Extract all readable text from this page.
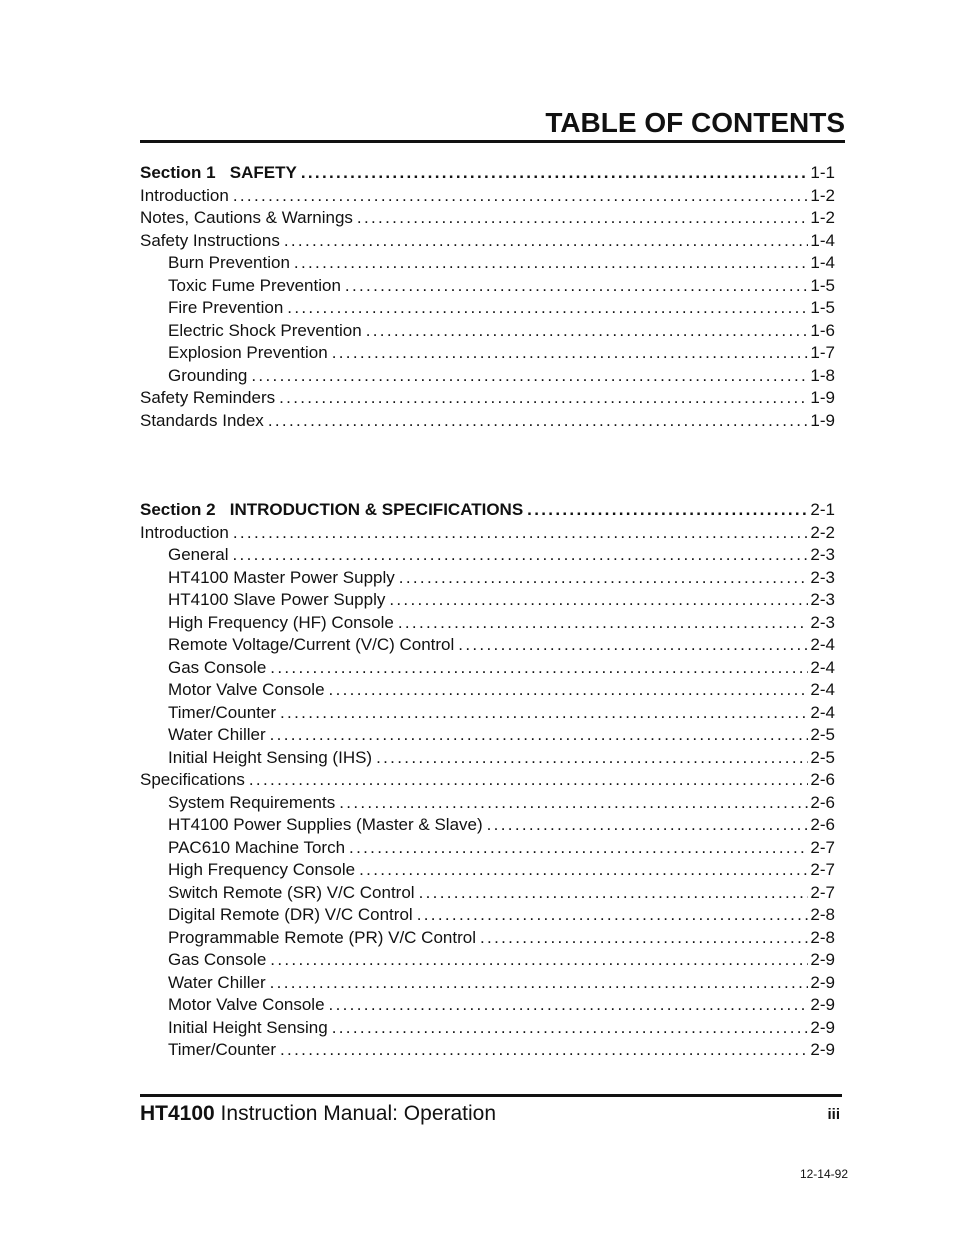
TABLE OF CONTENTS
Section 1   SAFETY . . .	1-1
Introduction . . .	1-2
Notes, Cautions & Warnings . . .	1-2
Safety Instructions . . .	1-4
Burn Prevention . . .	1-4
Toxic Fume Prevention . . .	1-5
Fire Prevention . . .	1-5
Electric Shock Prevention . . .	1-6
Explosion Prevention . . .	1-7
Grounding . . .	1-8
Safety Reminders . . .	1-9
Standards Index . . .	1-9
Section 2   INTRODUCTION & SPECIFICATIONS . . .	2-1
Introduction . . .	2-2
General . . .	2-3
HT4100 Master Power Supply . . .	2-3
HT4100 Slave Power Supply . . .	2-3
High Frequency (HF) Console . . .	2-3
Remote Voltage/Current (V/C) Control . . .	2-4
Gas Console . . .	2-4
Motor Valve Console . . .	2-4
Timer/Counter . . .	2-4
Water Chiller . . .	2-5
Initial Height Sensing (IHS) . . .	2-5
Specifications . . .	2-6
System Requirements . . .	2-6
HT4100 Power Supplies (Master & Slave) . . .	2-6
PAC610 Machine Torch . . .	2-7
High Frequency Console . . .	2-7
Switch Remote (SR) V/C Control . . .	2-7
Digital Remote (DR) V/C Control . . .	2-8
Programmable Remote (PR) V/C Control . . .	2-8
Gas Console . . .	2-9
Water Chiller . . .	2-9
Motor Valve Console . . .	2-9
Initial Height Sensing . . .	2-9
Timer/Counter . . .	2-9
HT4100 Instruction Manual: Operation	iii
12-14-92
